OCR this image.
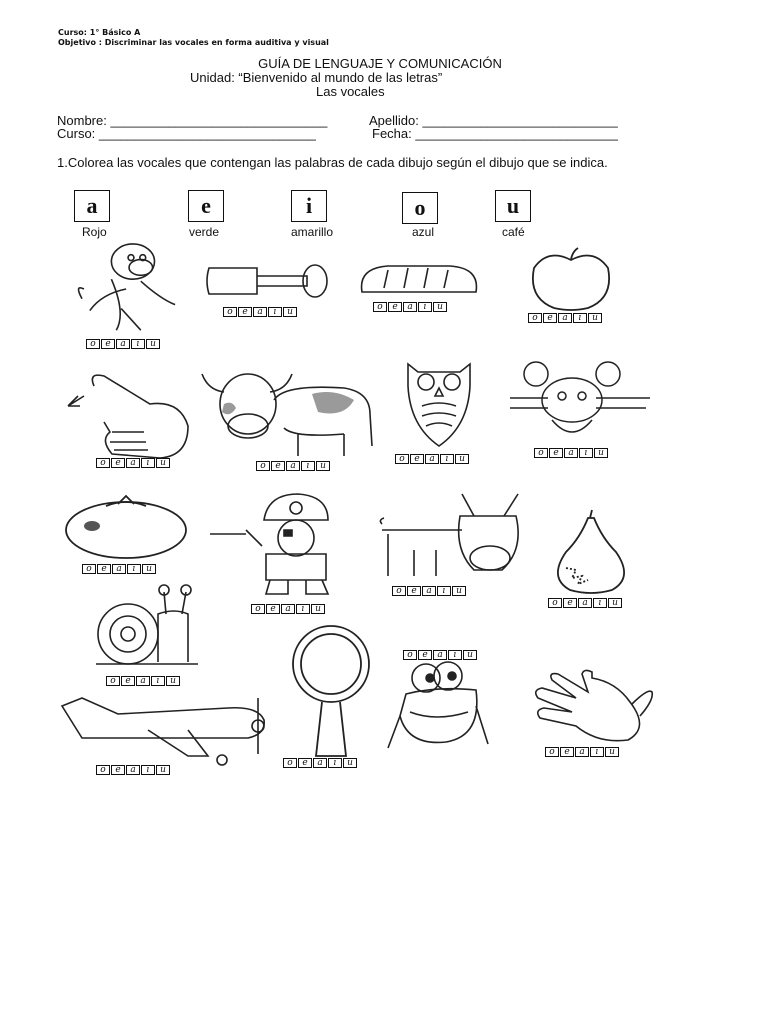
Curso: 1° Básico A
Objetivo : Discriminar las vocales en forma auditiva y visual
GUÍA DE LENGUAJE Y COMUNICACIÓN
Unidad: “Bienvenido al mundo de las letras”
Las vocales
Nombre: ______________________________	Apellido: ___________________________
Curso: ______________________________	Fecha: ____________________________
1.Colorea las vocales que contengan las palabras de cada dibujo según el dibujo que se indica.
a	e	i	o	u
Rojo	verde	amarillo	azul	café
o	e	a	i	u
o	e	a	i	u	o	e	a	i	u
o	e	a	i	u
o	e	a	i	u	o	e	a	i	u
o	e	a	i	u
o	e	a	i	u
o	e	a	i	u
o	e	a	i	u
o	e	a	i	u
o	e	a	i	u
o	e	a	i	u
o	e	a	i	u
o	e	a	i	u
o	e	a	i	u
o	e	a	i	u
